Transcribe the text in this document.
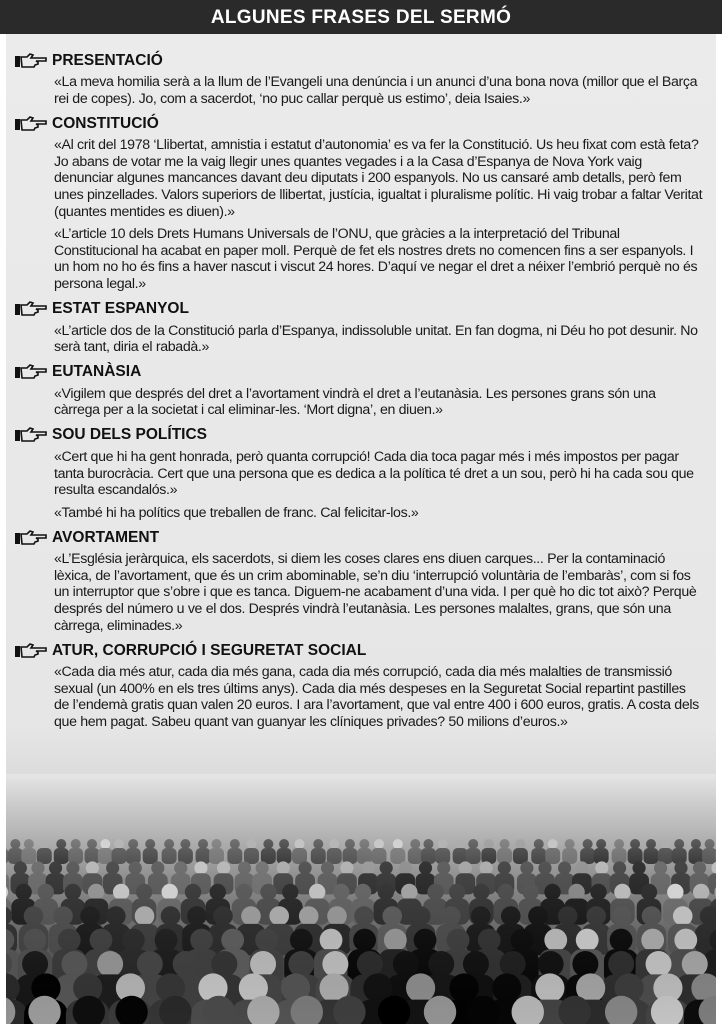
ALGUNES FRASES DEL SERMÓ
PRESENTACIÓ

«La meva homilia serà a la llum de l’Evangeli una denúncia i un anunci d’una bona nova (millor que el Barça rei de copes). Jo, com a sacerdot, ‘no puc callar perquè us estimo’, deia Isaies.»

CONSTITUCIÓ

«Al crit del 1978 ‘Llibertat, amnistia i estatut d’autonomia’ es va fer la Constitució. Us heu fixat com està feta? Jo abans de votar me la vaig llegir unes quantes vegades i a la Casa d’Espanya de Nova York vaig denunciar algunes mancances davant deu diputats i 200 espanyols. No us cansaré amb detalls, però fem unes pinzellades. Valors superiors de llibertat, justícia, igualtat i pluralisme polític. Hi vaig trobar a faltar Veritat (quantes mentides es diuen).»

«L’article 10 dels Drets Humans Universals de l’ONU, que gràcies a la interpretació del Tribunal Constitucional ha acabat en paper moll. Perquè de fet els nostres drets no comencen fins a ser espanyols. I un hom no ho és fins a haver nascut i viscut 24 hores. D’aquí ve negar el dret a néixer l’embrió perquè no és persona legal.»

ESTAT ESPANYOL

«L’article dos de la Constitució parla d’Espanya, indissoluble unitat. En fan dogma, ni Déu ho pot desunir. No serà tant, diria el rabadà.»

EUTANÀSIA

«Vigilem que després del dret a l’avortament vindrà el dret a l’eutanàsia. Les persones grans són una càrrega per a la societat i cal eliminar-les. ‘Mort digna’, en diuen.»

SOU DELS POLÍTICS

«Cert que hi ha gent honrada, però quanta corrupció! Cada dia toca pagar més i més impostos per pagar tanta burocràcia. Cert que una persona que es dedica a la política té dret a un sou, però hi ha cada sou que resulta escandalós.»

«També hi ha polítics que treballen de franc. Cal felicitar-los.»

AVORTAMENT

«L’Església jeràrquica, els sacerdots, si diem les coses clares ens diuen carques... Per la contaminació lèxica, de l’avortament, que és un crim abominable, se’n diu ‘interrupció voluntària de l’embaràs’, com si fos un interruptor que s’obre i que es tanca. Diguem-ne acabament d’una vida. I per què ho dic tot això? Perquè després del número u ve el dos. Després vindrà l’eutanàsia. Les persones malaltes, grans, que són una càrrega, eliminades.»

ATUR, CORRUPCIÓ I SEGURETAT SOCIAL

«Cada dia més atur, cada dia més gana, cada dia més corrupció, cada dia més malalties de transmissió sexual (un 400% en els tres últims anys). Cada dia més despeses en la Seguretat Social repartint pastilles de l’endemà gratis quan valen 20 euros. I ara l’avortament, que val entre 400 i 600 euros, gratis. A costa dels que hem pagat. Sabeu quant van guanyar les clíniques privades? 50 milions d’euros.»
